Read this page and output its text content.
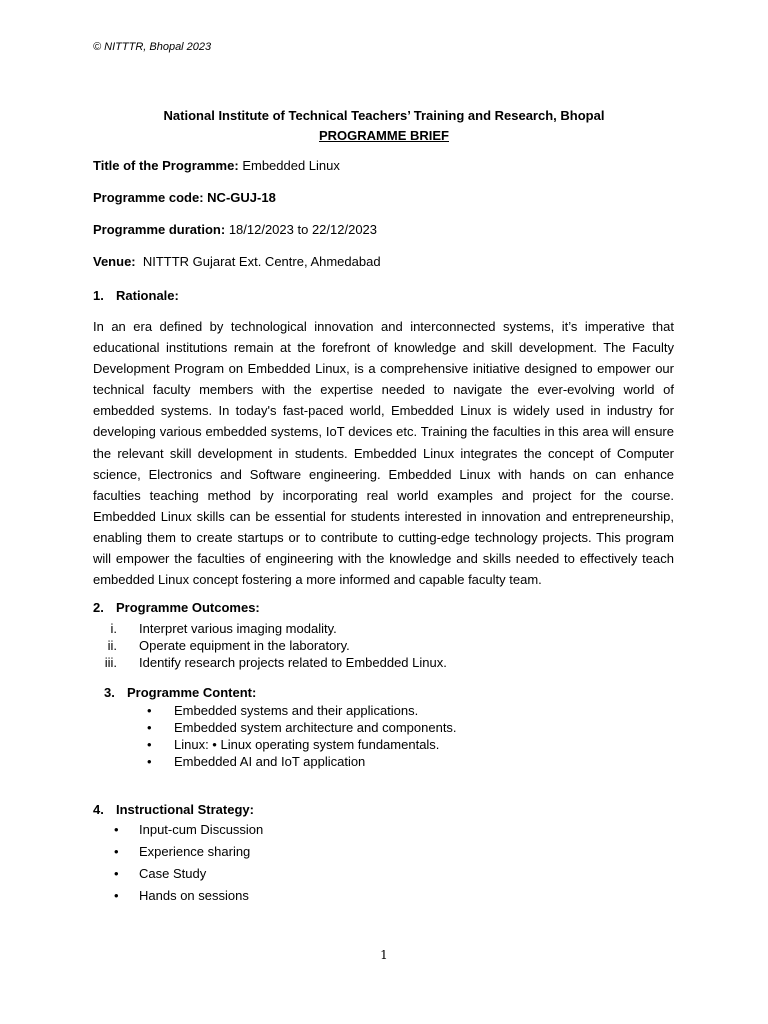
© NITTTR, Bhopal 2023
National Institute of Technical Teachers’ Training and Research, Bhopal
PROGRAMME BRIEF
Title of the Programme: Embedded Linux
Programme code: NC-GUJ-18
Programme duration: 18/12/2023 to 22/12/2023
Venue: NITTTR Gujarat Ext. Centre, Ahmedabad
1. Rationale:
In an era defined by technological innovation and interconnected systems, it’s imperative that educational institutions remain at the forefront of knowledge and skill development. The Faculty Development Program on Embedded Linux, is a comprehensive initiative designed to empower our technical faculty members with the expertise needed to navigate the ever-evolving world of embedded systems. In today's fast-paced world, Embedded Linux is widely used in industry for developing various embedded systems, IoT devices etc. Training the faculties in this area will ensure the relevant skill development in students. Embedded Linux integrates the concept of Computer science, Electronics and Software engineering. Embedded Linux with hands on can enhance faculties teaching method by incorporating real world examples and project for the course. Embedded Linux skills can be essential for students interested in innovation and entrepreneurship, enabling them to create startups or to contribute to cutting-edge technology projects. This program will empower the faculties of engineering with the knowledge and skills needed to effectively teach embedded Linux concept fostering a more informed and capable faculty team.
2. Programme Outcomes:
i. Interpret various imaging modality.
ii. Operate equipment in the laboratory.
iii. Identify research projects related to Embedded Linux.
3. Programme Content:
• Embedded systems and their applications.
• Embedded system architecture and components.
• Linux: • Linux operating system fundamentals.
• Embedded AI and IoT application
4. Instructional Strategy:
• Input-cum Discussion
• Experience sharing
• Case Study
• Hands on sessions
1
